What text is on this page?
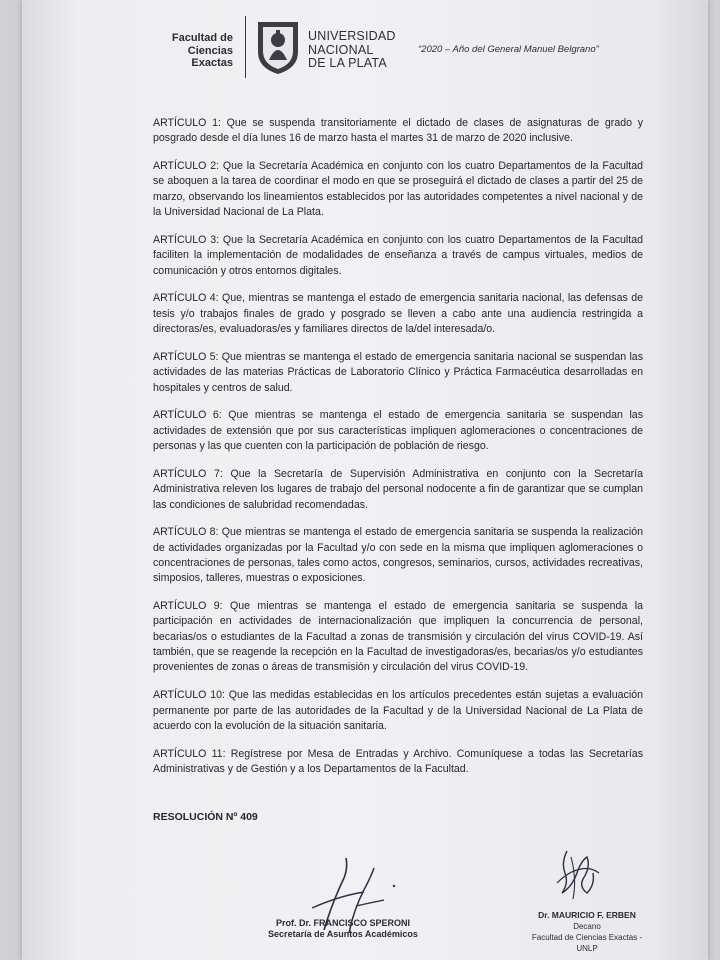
Facultad de
Ciencias Exactas
UNIVERSIDAD
NACIONAL
DE LA PLATA
“2020 – Año del General Manuel Belgrano”

ARTÍCULO 1: Que se suspenda transitoriamente el dictado de clases de asignaturas de grado y posgrado desde el día lunes 16 de marzo hasta el martes 31 de marzo de 2020 inclusive.

ARTÍCULO 2: Que la Secretaría Académica en conjunto con los cuatro Departamentos de la Facultad se aboquen a la tarea de coordinar el modo en que se proseguirá el dictado de clases a partir del 25 de marzo, observando los lineamientos establecidos por las autoridades competentes a nivel nacional y de la Universidad Nacional de La Plata.

ARTÍCULO 3: Que la Secretaría Académica en conjunto con los cuatro Departamentos de la Facultad faciliten la implementación de modalidades de enseñanza a través de campus virtuales, medios de comunicación y otros entornos digitales.

ARTÍCULO 4: Que, mientras se mantenga el estado de emergencia sanitaria nacional, las defensas de tesis y/o trabajos finales de grado y posgrado se lleven a cabo ante una audiencia restringida a directoras/es, evaluadoras/es y familiares directos de la/del interesada/o.

ARTÍCULO 5: Que mientras se mantenga el estado de emergencia sanitaria nacional se suspendan las actividades de las materias Prácticas de Laboratorio Clínico y Práctica Farmacéutica desarrolladas en hospitales y centros de salud.

ARTÍCULO 6: Que mientras se mantenga el estado de emergencia sanitaria se suspendan las actividades de extensión que por sus características impliquen aglomeraciones o concentraciones de personas y las que cuenten con la participación de población de riesgo.

ARTÍCULO 7: Que la Secretaría de Supervisión Administrativa en conjunto con la Secretaría Administrativa releven los lugares de trabajo del personal nodocente a fin de garantizar que se cumplan las condiciones de salubridad recomendadas.

ARTÍCULO 8: Que mientras se mantenga el estado de emergencia sanitaria se suspenda la realización de actividades organizadas por la Facultad y/o con sede en la misma que impliquen aglomeraciones o concentraciones de personas, tales como actos, congresos, seminarios, cursos, actividades recreativas, simposios, talleres, muestras o exposiciones.

ARTÍCULO 9: Que mientras se mantenga el estado de emergencia sanitaria se suspenda la participación en actividades de internacionalización que impliquen la concurrencia de personal, becarias/os o estudiantes de la Facultad a zonas de transmisión y circulación del virus COVID-19. Así también, que se reagende la recepción en la Facultad de investigadoras/es, becarias/os y/o estudiantes provenientes de zonas o áreas de transmisión y circulación del virus COVID-19.

ARTÍCULO 10: Que las medidas establecidas en los artículos precedentes están sujetas a evaluación permanente por parte de las autoridades de la Facultad y de la Universidad Nacional de La Plata de acuerdo con la evolución de la situación sanitaria.

ARTÍCULO 11: Regístrese por Mesa de Entradas y Archivo. Comuníquese a todas las Secretarías Administrativas y de Gestión y a los Departamentos de la Facultad.

RESOLUCIÓN Nº 409
Prof. Dr. FRANCISCO SPERONI
Secretaría de Asuntos Académicos
Dr. MAURICIO F. ERBEN
Decano
Facultad de Ciencias Exactas - UNLP
